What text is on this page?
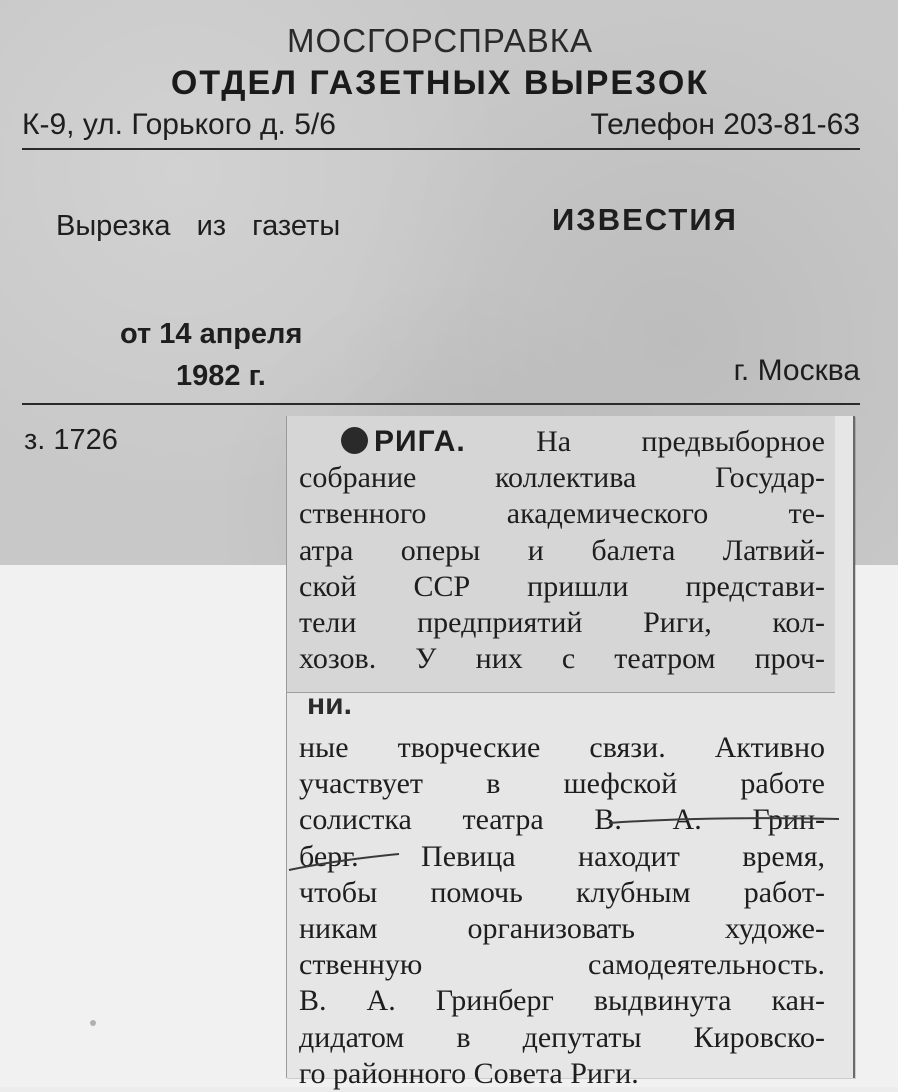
МОСГОРСПРАВКА
ОТДЕЛ ГАЗЕТНЫХ ВЫРЕЗОК
К-9, ул. Горького д. 5/6	Телефон 203-81-63
Вырезка из газеты	ИЗВЕСТИЯ
от 14 апреля
1982 г.	г. Москва
з. 1726	РИГА. На предвыборное
собрание коллектива Государ-
ственного академического те-
атра оперы и балета Латвий-
ской ССР пришли представи-
тели предприятий Риги, кол-
хозов. У них с театром проч-
ни.
ные творческие связи. Активно
участвует в шефской работе
солистка театра В. А. Грин-
берг. Певица находит время,
чтобы помочь клубным работ-
никам организовать художе-
ственную самодеятельность.
В. А. Гринберг выдвинута кан-
дидатом в депутаты Кировско-
го районного Совета Риги.
